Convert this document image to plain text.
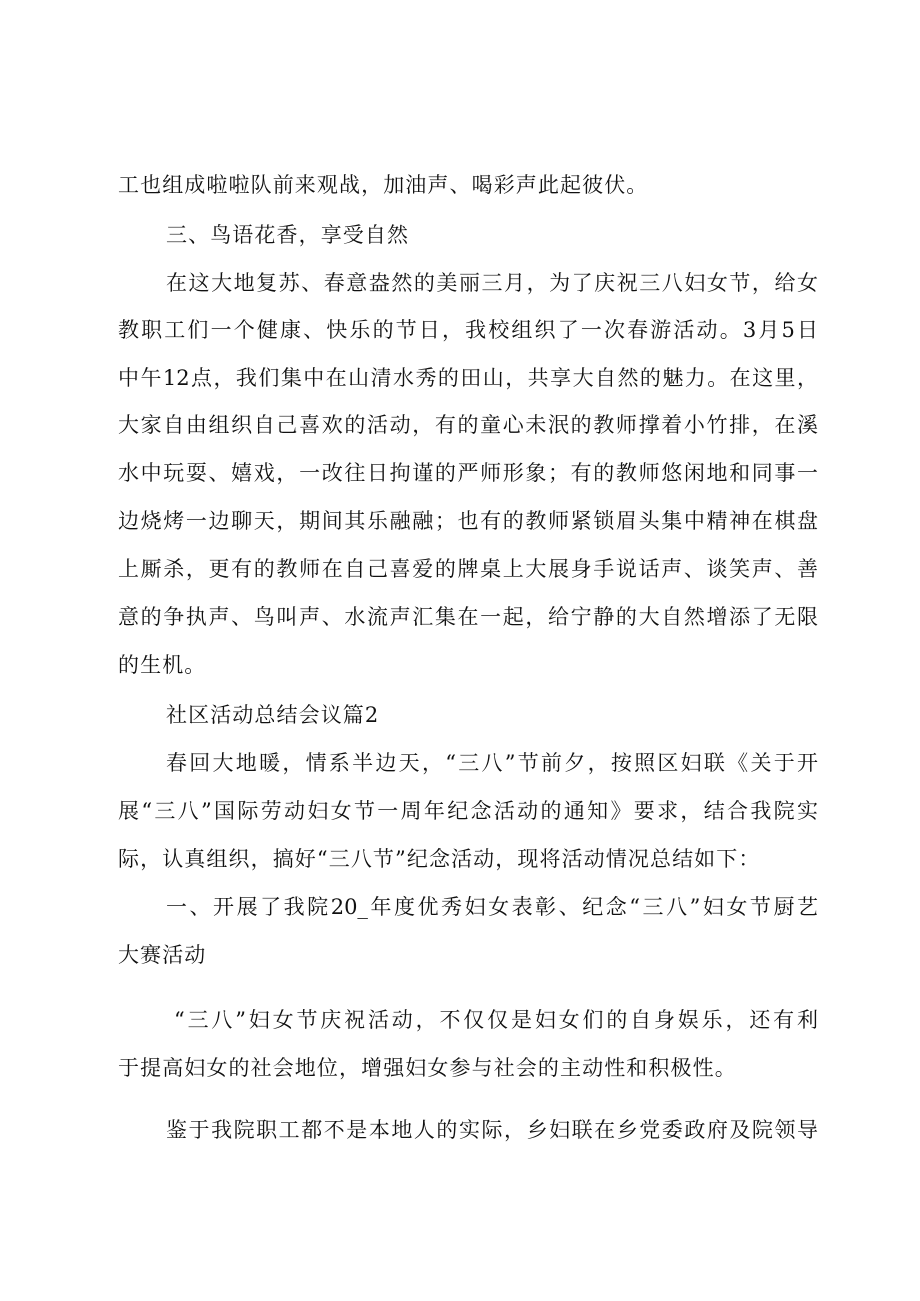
工也组成啦啦队前来观战，加油声、喝彩声此起彼伏。
三、鸟语花香，享受自然
在这大地复苏、春意盎然的美丽三月，为了庆祝三八妇女节，给女
教职工们一个健康、快乐的节日，我校组织了一次春游活动。3月5日
中午12点，我们集中在山清水秀的田山，共享大自然的魅力。在这里，
大家自由组织自己喜欢的活动，有的童心未泯的教师撑着小竹排，在溪
水中玩耍、嬉戏，一改往日拘谨的严师形象；有的教师悠闲地和同事一
边烧烤一边聊天，期间其乐融融；也有的教师紧锁眉头集中精神在棋盘
上厮杀，更有的教师在自己喜爱的牌桌上大展身手说话声、谈笑声、善
意的争执声、鸟叫声、水流声汇集在一起，给宁静的大自然增添了无限
的生机。
社区活动总结会议篇2
春回大地暖，情系半边天，“三八”节前夕，按照区妇联《关于开
展“三八”国际劳动妇女节一周年纪念活动的通知》要求，结合我院实
际，认真组织，搞好“三八节”纪念活动，现将活动情况总结如下：
一、开展了我院20_年度优秀妇女表彰、纪念“三八”妇女节厨艺
大赛活动
“三八”妇女节庆祝活动，不仅仅是妇女们的自身娱乐，还有利
于提高妇女的社会地位，增强妇女参与社会的主动性和积极性。
鉴于我院职工都不是本地人的实际，乡妇联在乡党委政府及院领导
